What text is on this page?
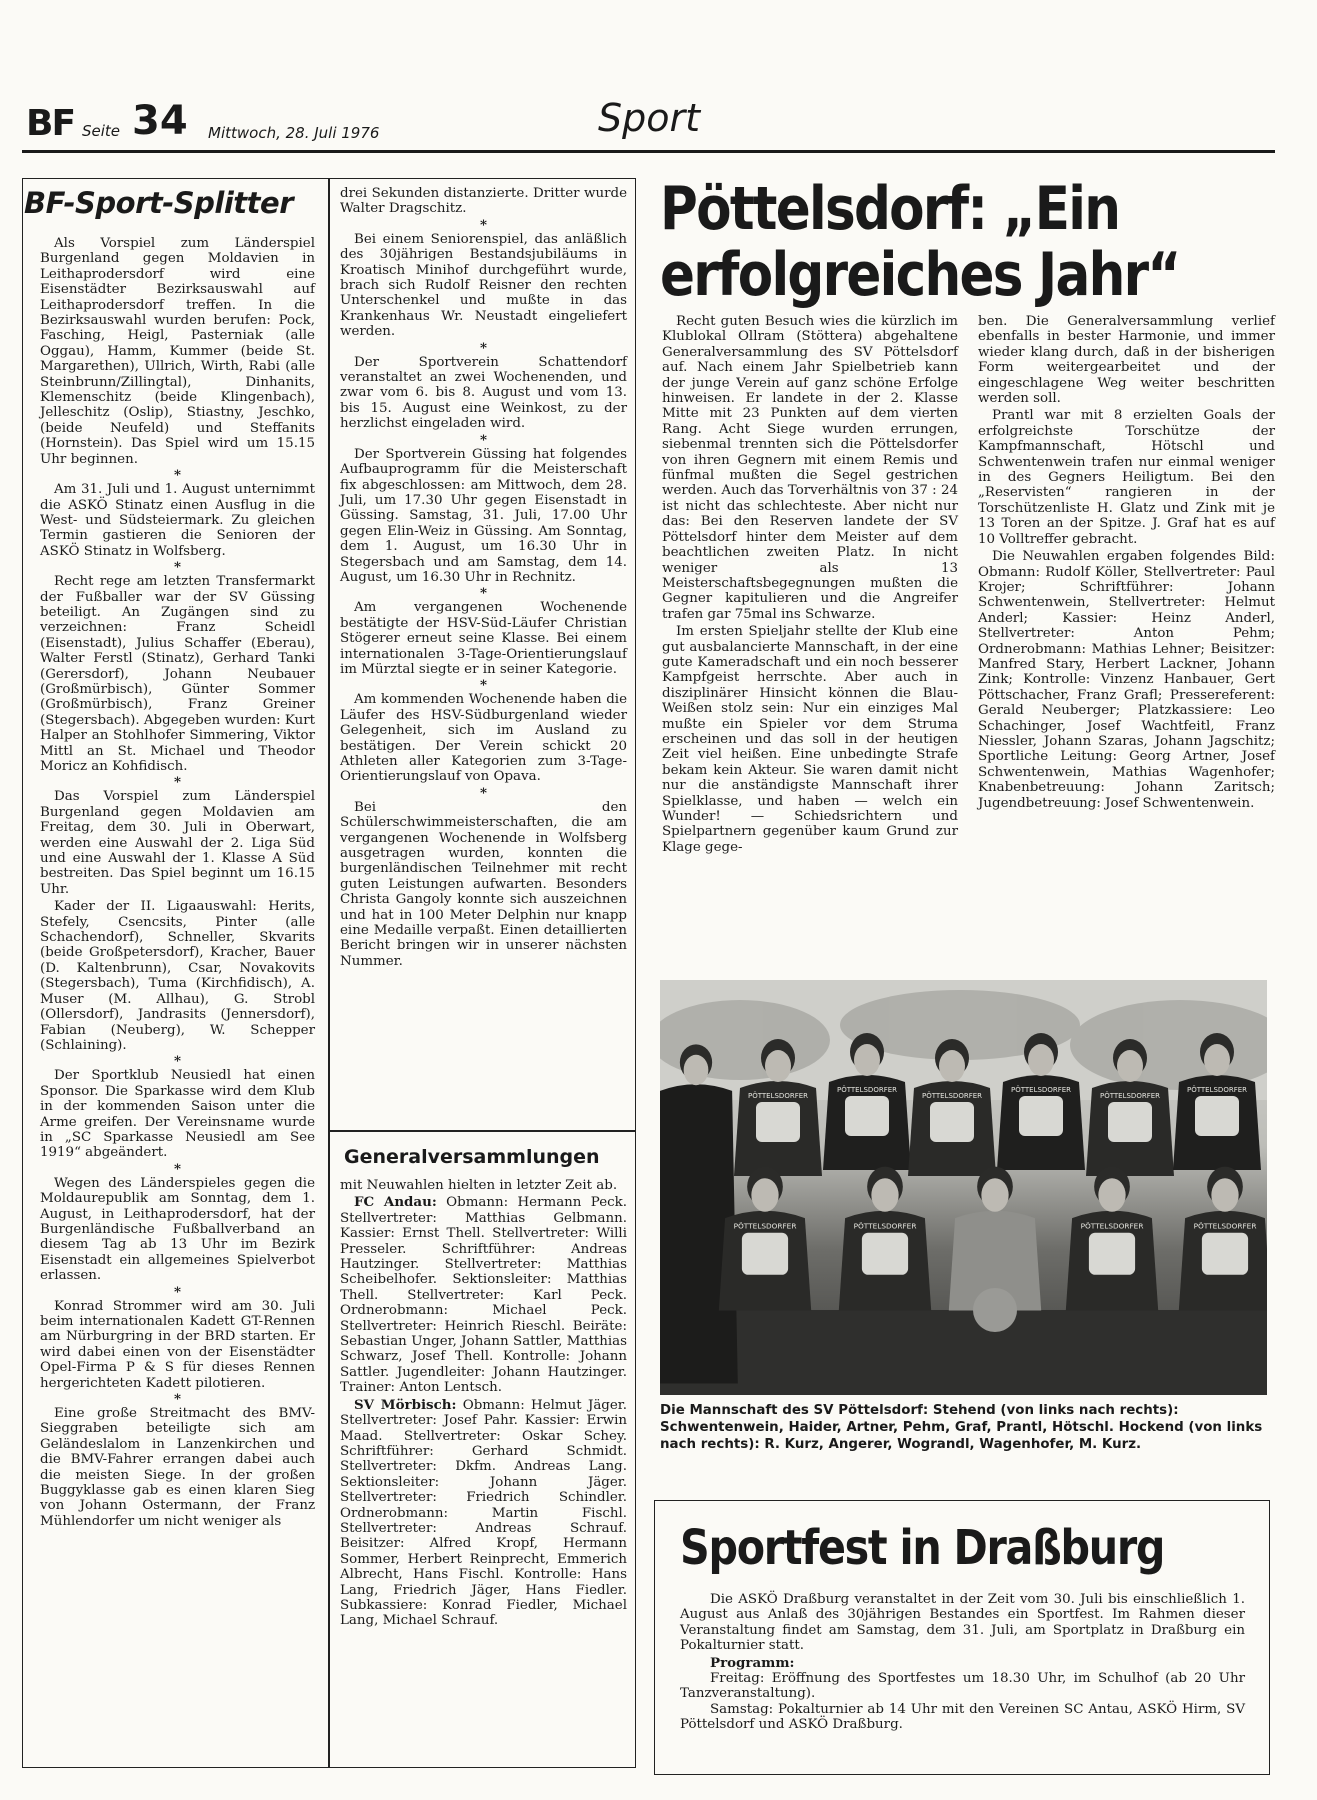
BF Seite 34 Mittwoch, 28. Juli 1976	Sport
BF-Sport-Splitter

Als Vorspiel zum Länderspiel Burgenland gegen Moldavien in Leithaprodersdorf wird eine Eisenstädter Bezirksauswahl auf Leithaprodersdorf treffen. In die Bezirksauswahl wurden berufen: Pock, Fasching, Heigl, Pasterniak (alle Oggau), Hamm, Kummer (beide St. Margarethen), Ullrich, Wirth, Rabi (alle Steinbrunn/Zillingtal), Dinhanits, Klemenschitz (beide Klingenbach), Jelleschitz (Oslip), Stiastny, Jeschko, (beide Neufeld) und Steffanits (Hornstein). Das Spiel wird um 15.15 Uhr beginnen.

*

Am 31. Juli und 1. August unternimmt die ASKÖ Stinatz einen Ausflug in die West- und Südsteiermark. Zu gleichen Termin gastieren die Senioren der ASKÖ Stinatz in Wolfsberg.

*

Recht rege am letzten Transfermarkt der Fußballer war der SV Güssing beteiligt. An Zugängen sind zu verzeichnen: Franz Scheidl (Eisenstadt), Julius Schaffer (Eberau), Walter Ferstl (Stinatz), Gerhard Tanki (Gerersdorf), Johann Neubauer (Großmürbisch), Günter Sommer (Großmürbisch), Franz Greiner (Stegersbach). Abgegeben wurden: Kurt Halper an Stohlhofer Simmering, Viktor Mittl an St. Michael und Theodor Moricz an Kohfidisch.

*

Das Vorspiel zum Länderspiel Burgenland gegen Moldavien am Freitag, dem 30. Juli in Oberwart, werden eine Auswahl der 2. Liga Süd und eine Auswahl der 1. Klasse A Süd bestreiten. Das Spiel beginnt um 16.15 Uhr.

Kader der II. Ligaauswahl: Herits, Stefely, Csencsits, Pinter (alle Schachendorf), Schneller, Skvarits (beide Großpetersdorf), Kracher, Bauer (D. Kaltenbrunn), Csar, Novakovits (Stegersbach), Tuma (Kirchfidisch), A. Muser (M. Allhau), G. Strobl (Ollersdorf), Jandrasits (Jennersdorf), Fabian (Neuberg), W. Schepper (Schlaining).

*

Der Sportklub Neusiedl hat einen Sponsor. Die Sparkasse wird dem Klub in der kommenden Saison unter die Arme greifen. Der Vereinsname wurde in „SC Sparkasse Neusiedl am See 1919“ abgeändert.

*

Wegen des Länderspieles gegen die Moldaurepublik am Sonntag, dem 1. August, in Leithaprodersdorf, hat der Burgenländische Fußballverband an diesem Tag ab 13 Uhr im Bezirk Eisenstadt ein allgemeines Spielverbot erlassen.

*

Konrad Strommer wird am 30. Juli beim internationalen Kadett GT-Rennen am Nürburgring in der BRD starten. Er wird dabei einen von der Eisenstädter Opel-Firma P & S für dieses Rennen hergerichteten Kadett pilotieren.

*

Eine große Streitmacht des BMV-Sieggraben beteiligte sich am Geländeslalom in Lanzenkirchen und die BMV-Fahrer errangen dabei auch die meisten Siege. In der großen Buggyklasse gab es einen klaren Sieg von Johann Ostermann, der Franz Mühlendorfer um nicht weniger als

drei Sekunden distanzierte. Dritter wurde Walter Dragschitz.

*

Bei einem Seniorenspiel, das anläßlich des 30jährigen Bestandsjubiläums in Kroatisch Minihof durchgeführt wurde, brach sich Rudolf Reisner den rechten Unterschenkel und mußte in das Krankenhaus Wr. Neustadt eingeliefert werden.

*

Der Sportverein Schattendorf veranstaltet an zwei Wochenenden, und zwar vom 6. bis 8. August und vom 13. bis 15. August eine Weinkost, zu der herzlichst eingeladen wird.

*

Der Sportverein Güssing hat folgendes Aufbauprogramm für die Meisterschaft fix abgeschlossen: am Mittwoch, dem 28. Juli, um 17.30 Uhr gegen Eisenstadt in Güssing. Samstag, 31. Juli, 17.00 Uhr gegen Elin-Weiz in Güssing. Am Sonntag, dem 1. August, um 16.30 Uhr in Stegersbach und am Samstag, dem 14. August, um 16.30 Uhr in Rechnitz.

*

Am vergangenen Wochenende bestätigte der HSV-Süd-Läufer Christian Stögerer erneut seine Klasse. Bei einem internationalen 3-Tage-Orientierungslauf im Mürztal siegte er in seiner Kategorie.

*

Am kommenden Wochenende haben die Läufer des HSV-Südburgenland wieder Gelegenheit, sich im Ausland zu bestätigen. Der Verein schickt 20 Athleten aller Kategorien zum 3-Tage-Orientierungslauf von Opava.

*

Bei den Schülerschwimmeisterschaften, die am vergangenen Wochenende in Wolfsberg ausgetragen wurden, konnten die burgenländischen Teilnehmer mit recht guten Leistungen aufwarten. Besonders Christa Gangoly konnte sich auszeichnen und hat in 100 Meter Delphin nur knapp eine Medaille verpaßt. Einen detaillierten Bericht bringen wir in unserer nächsten Nummer.

Generalversammlungen

mit Neuwahlen hielten in letzter Zeit ab.

FC Andau: Obmann: Hermann Peck. Stellvertreter: Matthias Gelbmann. Kassier: Ernst Thell. Stellvertreter: Willi Presseler. Schriftführer: Andreas Hautzinger. Stellvertreter: Matthias Scheibelhofer. Sektionsleiter: Matthias Thell. Stellvertreter: Karl Peck. Ordnerobmann: Michael Peck. Stellvertreter: Heinrich Rieschl. Beiräte: Sebastian Unger, Johann Sattler, Matthias Schwarz, Josef Thell. Kontrolle: Johann Sattler. Jugendleiter: Johann Hautzinger. Trainer: Anton Lentsch.

SV Mörbisch: Obmann: Helmut Jäger. Stellvertreter: Josef Pahr. Kassier: Erwin Maad. Stellvertreter: Oskar Schey. Schriftführer: Gerhard Schmidt. Stellvertreter: Dkfm. Andreas Lang. Sektionsleiter: Johann Jäger. Stellvertreter: Friedrich Schindler. Ordnerobmann: Martin Fischl. Stellvertreter: Andreas Schrauf. Beisitzer: Alfred Kropf, Hermann Sommer, Herbert Reinprecht, Emmerich Albrecht, Hans Fischl. Kontrolle: Hans Lang, Friedrich Jäger, Hans Fiedler. Subkassiere: Konrad Fiedler, Michael Lang, Michael Schrauf.

Pöttelsdorf: „Ein
erfolgreiches Jahr“

Recht guten Besuch wies die kürzlich im Klublokal Ollram (Stöttera) abgehaltene Generalversammlung des SV Pöttelsdorf auf. Nach einem Jahr Spielbetrieb kann der junge Verein auf ganz schöne Erfolge hinweisen. Er landete in der 2. Klasse Mitte mit 23 Punkten auf dem vierten Rang. Acht Siege wurden errungen, siebenmal trennten sich die Pöttelsdorfer von ihren Gegnern mit einem Remis und fünfmal mußten die Segel gestrichen werden. Auch das Torverhältnis von 37 : 24 ist nicht das schlechteste. Aber nicht nur das: Bei den Reserven landete der SV Pöttelsdorf hinter dem Meister auf dem beachtlichen zweiten Platz. In nicht weniger als 13 Meisterschaftsbegegnungen mußten die Gegner kapitulieren und die Angreifer trafen gar 75mal ins Schwarze.

Im ersten Spieljahr stellte der Klub eine gut ausbalancierte Mannschaft, in der eine gute Kameradschaft und ein noch besserer Kampfgeist herrschte. Aber auch in disziplinärer Hinsicht können die Blau-Weißen stolz sein: Nur ein einziges Mal mußte ein Spieler vor dem Struma erscheinen und das soll in der heutigen Zeit viel heißen. Eine unbedingte Strafe bekam kein Akteur. Sie waren damit nicht nur die anständigste Mannschaft ihrer Spielklasse, und haben — welch ein Wunder! — Schiedsrichtern und Spielpartnern gegenüber kaum Grund zur Klage gege-

ben. Die Generalversammlung verlief ebenfalls in bester Harmonie, und immer wieder klang durch, daß in der bisherigen Form weitergearbeitet und der eingeschlagene Weg weiter beschritten werden soll.

Prantl war mit 8 erzielten Goals der erfolgreichste Torschütze der Kampfmannschaft, Hötschl und Schwentenwein trafen nur einmal weniger in des Gegners Heiligtum. Bei den „Reservisten“ rangieren in der Torschützenliste H. Glatz und Zink mit je 13 Toren an der Spitze. J. Graf hat es auf 10 Volltreffer gebracht.

Die Neuwahlen ergaben folgendes Bild: Obmann: Rudolf Köller, Stellvertreter: Paul Krojer; Schriftführer: Johann Schwentenwein, Stellvertreter: Helmut Anderl; Kassier: Heinz Anderl, Stellvertreter: Anton Pehm; Ordnerobmann: Mathias Lehner; Beisitzer: Manfred Stary, Herbert Lackner, Johann Zink; Kontrolle: Vinzenz Hanbauer, Gert Pöttschacher, Franz Grafl; Pressereferent: Gerald Neuberger; Platzkassiere: Leo Schachinger, Josef Wachtfeitl, Franz Niessler, Johann Szaras, Johann Jagschitz; Sportliche Leitung: Georg Artner, Josef Schwentenwein, Mathias Wagenhofer; Knabenbetreuung: Johann Zaritsch; Jugendbetreuung: Josef Schwentenwein.

PÖTTELSDORFER
PÖTTELSDORFER
PÖTTELSDORFER
PÖTTELSDORFER
PÖTTELSDORFER
PÖTTELSDORFER
PÖTTELSDORFER	PÖTTELSDORFER	PÖTTELSDORFER	PÖTTELSDORFER
Die Mannschaft des SV Pöttelsdorf: Stehend (von links nach rechts): Schwentenwein, Haider, Artner, Pehm, Graf, Prantl, Hötschl. Hockend (von links nach rechts): R. Kurz, Angerer, Wograndl, Wagenhofer, M. Kurz.
Sportfest in Draßburg

Die ASKÖ Draßburg veranstaltet in der Zeit vom 30. Juli bis einschließlich 1. August aus Anlaß des 30jährigen Bestandes ein Sportfest. Im Rahmen dieser Veranstaltung findet am Samstag, dem 31. Juli, am Sportplatz in Draßburg ein Pokalturnier statt.

Programm:

Freitag: Eröffnung des Sportfestes um 18.30 Uhr, im Schulhof (ab 20 Uhr Tanzveranstaltung).

Samstag: Pokalturnier ab 14 Uhr mit den Vereinen SC Antau, ASKÖ Hirm, SV Pöttelsdorf und ASKÖ Draßburg.
